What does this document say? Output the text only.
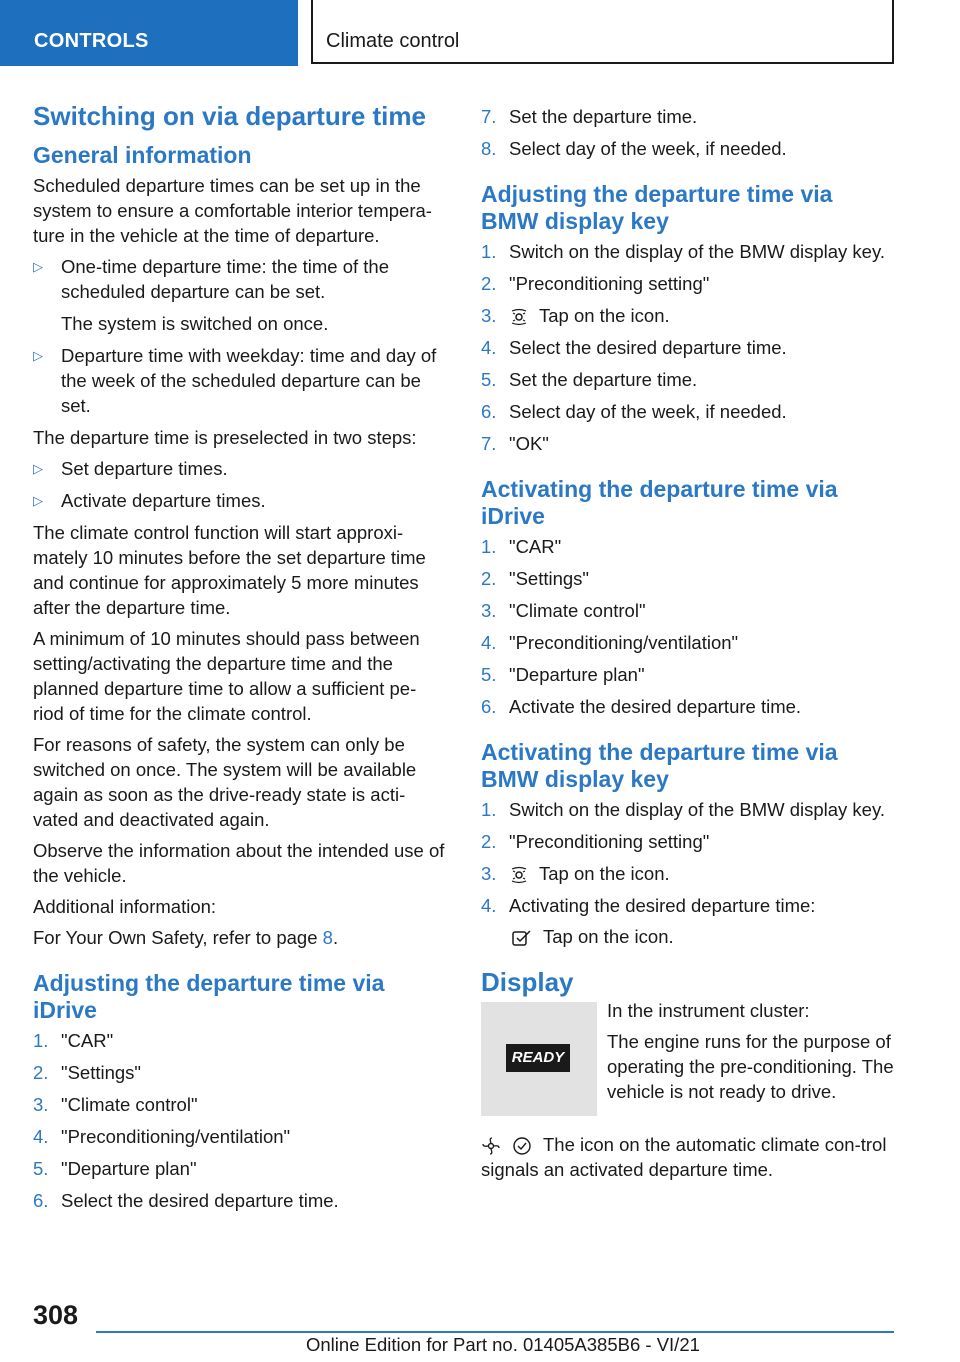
CONTROLS	Climate control
Switching on via departure time
General information

Scheduled departure times can be set up in the system to ensure a comfortable interior tempera-ture in the vehicle at the time of departure.

▷ One-time departure time: the time of the scheduled departure can be set.
The system is switched on once.
▷ Departure time with weekday: time and day of the week of the scheduled departure can be set.

The departure time is preselected in two steps:

▷ Set departure times.
▷ Activate departure times.

The climate control function will start approxi-mately 10 minutes before the set departure time and continue for approximately 5 more minutes after the departure time.

A minimum of 10 minutes should pass between setting/activating the departure time and the planned departure time to allow a sufficient pe-riod of time for the climate control.

For reasons of safety, the system can only be switched on once. The system will be available again as soon as the drive-ready state is acti-vated and deactivated again.

Observe the information about the intended use of the vehicle.

Additional information:

For Your Own Safety, refer to page 8.

Adjusting the departure time via iDrive
1. "CAR"
2. "Settings"
3. "Climate control"
4. "Preconditioning/ventilation"
5. "Departure plan"
6. Select the desired departure time.
7. Set the departure time.
8. Select day of the week, if needed.
Adjusting the departure time via BMW display key
1. Switch on the display of the BMW display key.
2. "Preconditioning setting"
3. Tap on the icon.
4. Select the desired departure time.
5. Set the departure time.
6. Select day of the week, if needed.
7. "OK"
Activating the departure time via iDrive
1. "CAR"
2. "Settings"
3. "Climate control"
4. "Preconditioning/ventilation"
5. "Departure plan"
6. Activate the desired departure time.
Activating the departure time via BMW display key
1. Switch on the display of the BMW display key.
2. "Preconditioning setting"
3. Tap on the icon.
4. Activating the desired departure time:
Tap on the icon.
Display
READY

In the instrument cluster:

The engine runs for the purpose of operating the pre-conditioning. The vehicle is not ready to drive.

The icon on the automatic climate con-trol signals an activated departure time.

308
Online Edition for Part no. 01405A385B6 - VI/21
